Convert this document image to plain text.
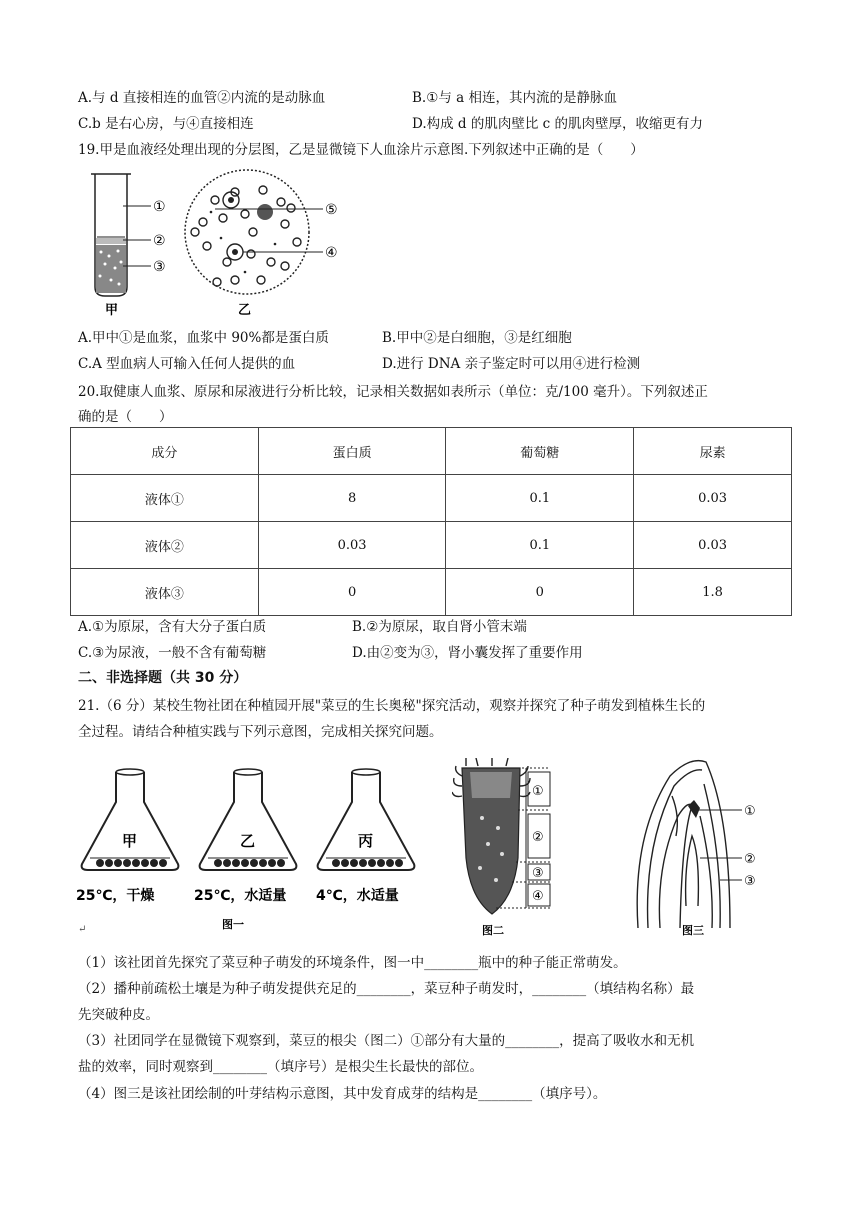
A.与 d 直接相连的血管②内流的是动脉血	B.①与 a 相连，其内流的是静脉血
C.b 是右心房，与④直接相连	D.构成 d 的肌肉壁比 c 的肌肉壁厚，收缩更有力
19.甲是血液经处理出现的分层图，乙是显微镜下人血涂片示意图.下列叙述中正确的是（　　）
①
②
③
甲
⑤
④
乙
A.甲中①是血浆，血浆中 90%都是蛋白质	B.甲中②是白细胞，③是红细胞
C.A 型血病人可输入任何人提供的血	D.进行 DNA 亲子鉴定时可以用④进行检测
20.取健康人血浆、原尿和尿液进行分析比较，记录相关数据如表所示（单位：克/100 毫升）。下列叙述正
确的是（　　）
成分	蛋白质	葡萄糖	尿素
液体①	8	0.1	0.03
液体②	0.03	0.1	0.03
液体③	0	0	1.8
A.①为原尿，含有大分子蛋白质	B.②为原尿，取自肾小管末端
C.③为尿液，一般不含有葡萄糖	D.由②变为③，肾小囊发挥了重要作用
二、非选择题（共 30 分）
21.（6 分）某校生物社团在种植园开展"菜豆的生长奥秘"探究活动，观察并探究了种子萌发到植株生长的
全过程。请结合种植实践与下列示意图，完成相关探究问题。
甲
25℃，干燥
乙
25℃，水适量
丙
4℃，水适量
图一
↵
①
②
③
④
图二
①
②
③
图三
（1）该社团首先探究了菜豆种子萌发的环境条件，图一中________瓶中的种子能正常萌发。
（2）播种前疏松土壤是为种子萌发提供充足的________，菜豆种子萌发时，________（填结构名称）最
先突破种皮。
（3）社团同学在显微镜下观察到，菜豆的根尖（图二）①部分有大量的________，提高了吸收水和无机
盐的效率，同时观察到________（填序号）是根尖生长最快的部位。
（4）图三是该社团绘制的叶芽结构示意图，其中发育成芽的结构是________（填序号）。
